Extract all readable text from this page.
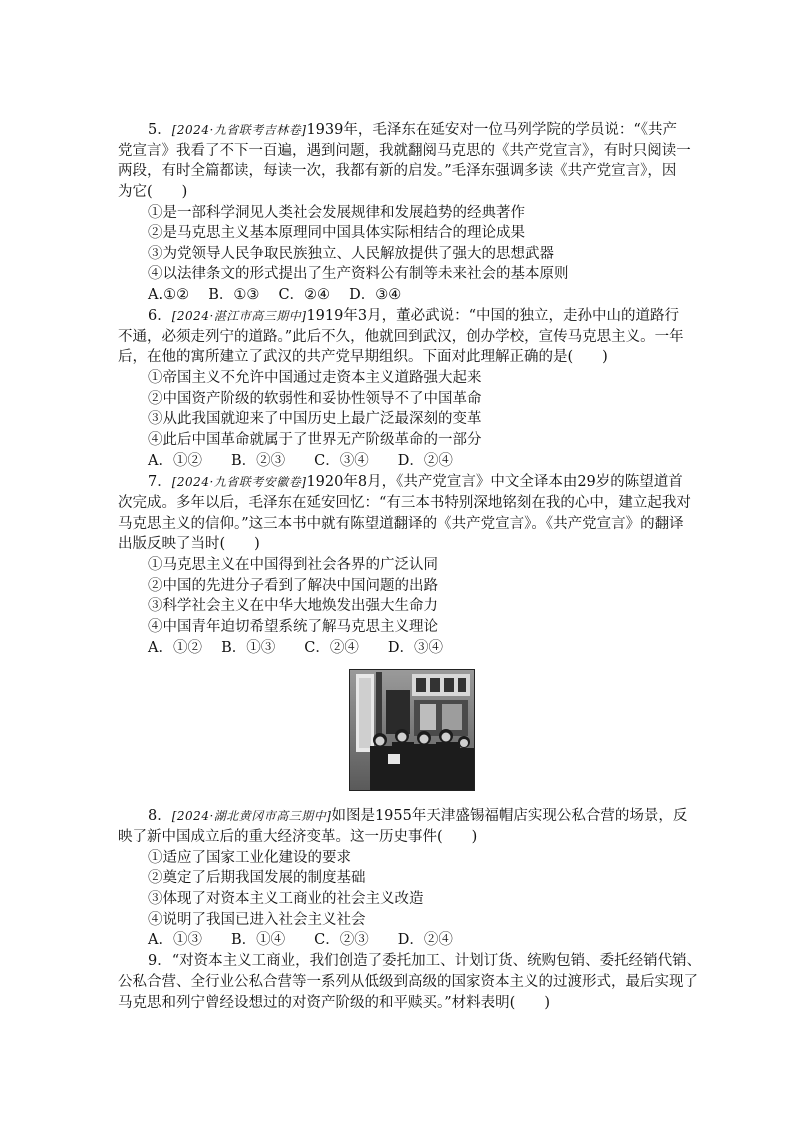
5．[2024·九省联考吉林卷]1939年，毛泽东在延安对一位马列学院的学员说：“《共产
党宣言》我看了不下一百遍，遇到问题，我就翻阅马克思的《共产党宣言》，有时只阅读一
两段，有时全篇都读，每读一次，我都有新的启发。”毛泽东强调多读《共产党宣言》，因
为它(　　)
①是一部科学洞见人类社会发展规律和发展趋势的经典著作
②是马克思主义基本原理同中国具体实际相结合的理论成果
③为党领导人民争取民族独立、人民解放提供了强大的思想武器
④以法律条文的形式提出了生产资料公有制等未来社会的基本原则
A.①②　 B．①③　 C．②④　 D．③④
6．[2024·湛江市高三期中]1919年3月，董必武说：“中国的独立，走孙中山的道路行
不通，必须走列宁的道路。”此后不久，他就回到武汉，创办学校，宣传马克思主义。一年
后，在他的寓所建立了武汉的共产党早期组织。下面对此理解正确的是(　　)
①帝国主义不允许中国通过走资本主义道路强大起来
②中国资产阶级的软弱性和妥协性领导不了中国革命
③从此我国就迎来了中国历史上最广泛最深刻的变革
④此后中国革命就属于了世界无产阶级革命的一部分
A．①②　　B．②③　　C．③④　　D．②④
7．[2024·九省联考安徽卷]1920年8月，《共产党宣言》中文全译本由29岁的陈望道首
次完成。多年以后，毛泽东在延安回忆：“有三本书特别深地铭刻在我的心中，建立起我对
马克思主义的信仰。”这三本书中就有陈望道翻译的《共产党宣言》。《共产党宣言》的翻译
出版反映了当时(　　)
①马克思主义在中国得到社会各界的广泛认同
②中国的先进分子看到了解决中国问题的出路
③科学社会主义在中华大地焕发出强大生命力
④中国青年迫切希望系统了解马克思主义理论
A．①②　 B．①③　　C．②④　　D．③④
8．[2024·湖北黄冈市高三期中]如图是1955年天津盛锡福帽店实现公私合营的场景，反
映了新中国成立后的重大经济变革。这一历史事件(　　)
①适应了国家工业化建设的要求
②奠定了后期我国发展的制度基础
③体现了对资本主义工商业的社会主义改造
④说明了我国已进入社会主义社会
A．①③　　B．①④　　C．②③　　D．②④
9．“对资本主义工商业，我们创造了委托加工、计划订货、统购包销、委托经销代销、
公私合营、全行业公私合营等一系列从低级到高级的国家资本主义的过渡形式，最后实现了
马克思和列宁曾经设想过的对资产阶级的和平赎买。”材料表明(　　)
